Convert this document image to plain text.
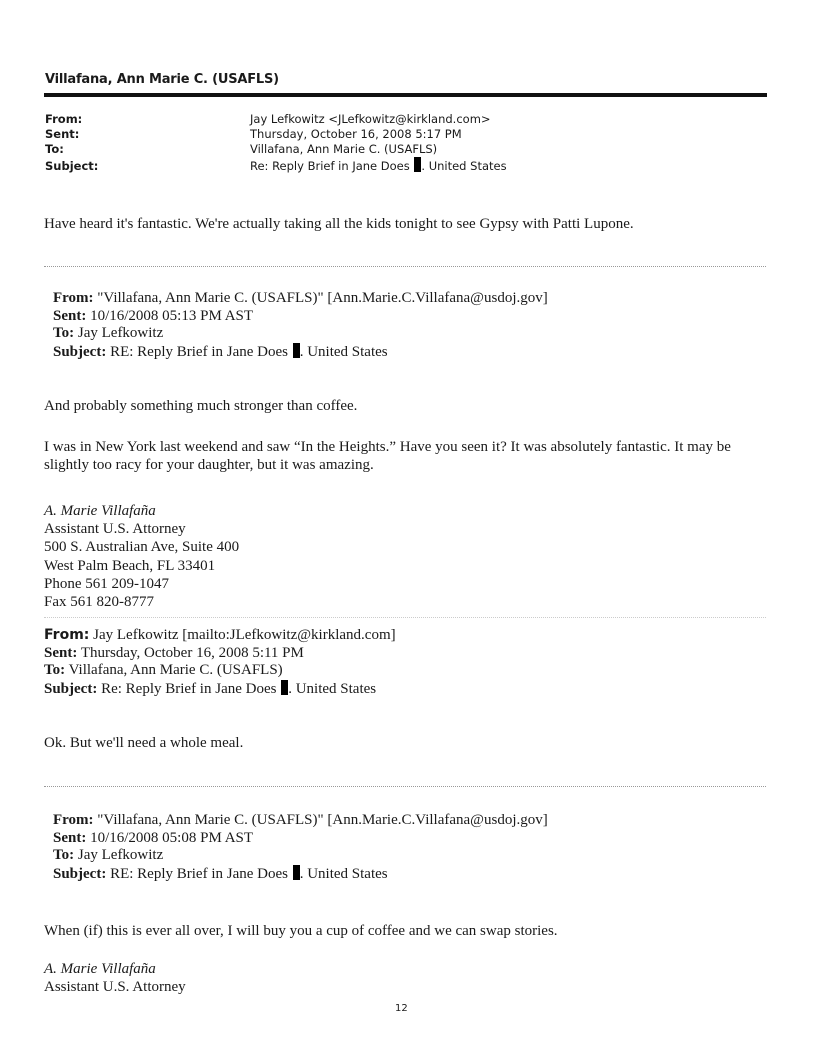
Villafana, Ann Marie C. (USAFLS)
From:	Jay Lefkowitz <JLefkowitz@kirkland.com>
Sent:	Thursday, October 16, 2008 5:17 PM
To:	Villafana, Ann Marie C. (USAFLS)
Subject:	Re: Reply Brief in Jane Does . United States
Have heard it's fantastic. We're actually taking all the kids tonight to see Gypsy with Patti Lupone.
From: "Villafana, Ann Marie C. (USAFLS)" [Ann.Marie.C.Villafana@usdoj.gov]
Sent: 10/16/2008 05:13 PM AST
To: Jay Lefkowitz
Subject: RE: Reply Brief in Jane Does . United States
And probably something much stronger than coffee.
I was in New York last weekend and saw “In the Heights.” Have you seen it? It was absolutely fantastic. It may be slightly too racy for your daughter, but it was amazing.
A. Marie Villafaña
Assistant U.S. Attorney
500 S. Australian Ave, Suite 400
West Palm Beach, FL 33401
Phone 561 209-1047
Fax 561 820-8777
From: Jay Lefkowitz [mailto:JLefkowitz@kirkland.com]
Sent: Thursday, October 16, 2008 5:11 PM
To: Villafana, Ann Marie C. (USAFLS)
Subject: Re: Reply Brief in Jane Does . United States
Ok. But we'll need a whole meal.
From: "Villafana, Ann Marie C. (USAFLS)" [Ann.Marie.C.Villafana@usdoj.gov]
Sent: 10/16/2008 05:08 PM AST
To: Jay Lefkowitz
Subject: RE: Reply Brief in Jane Does . United States
When (if) this is ever all over, I will buy you a cup of coffee and we can swap stories.
A. Marie Villafaña
Assistant U.S. Attorney
12
